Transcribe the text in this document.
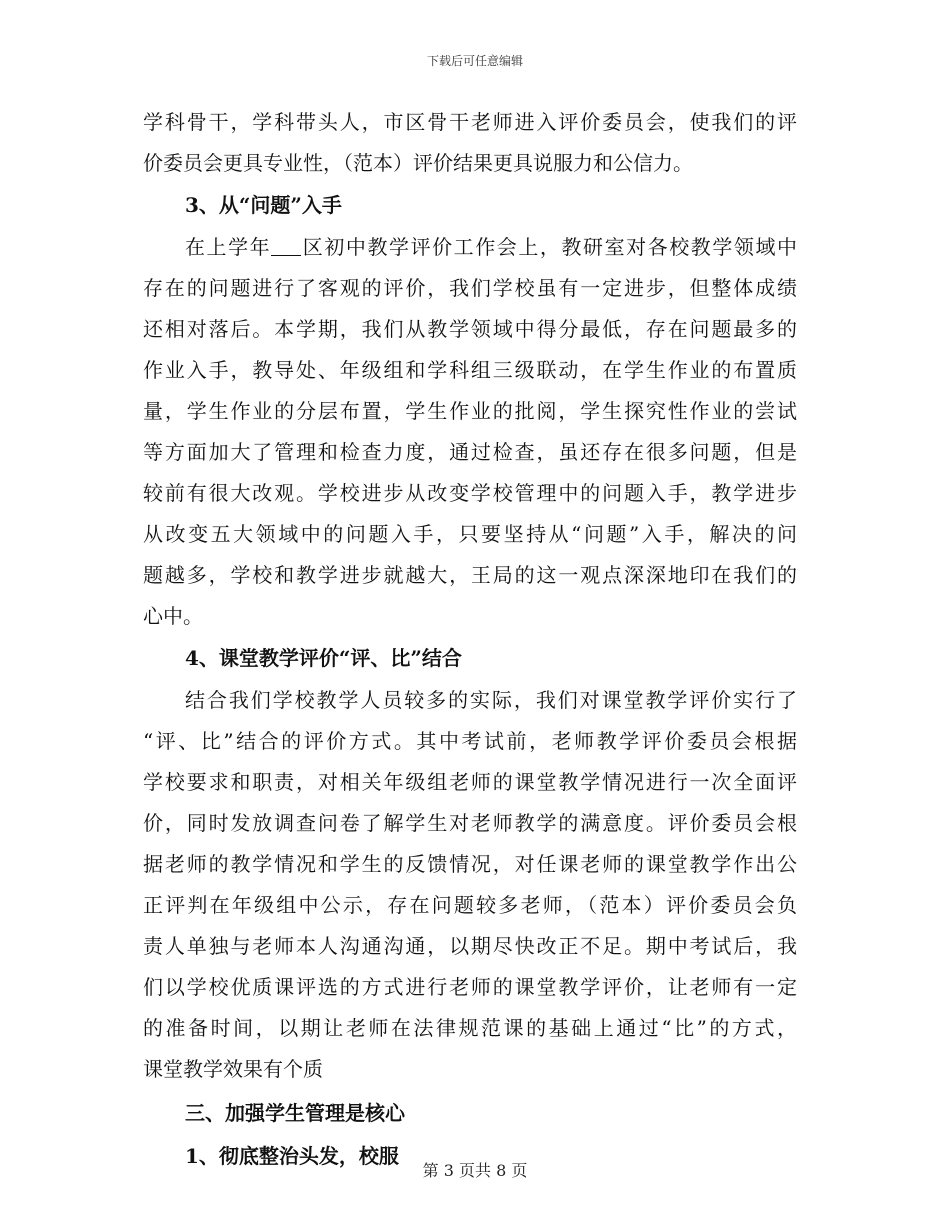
下载后可任意编辑
学科骨干，学科带头人，市区骨干老师进入评价委员会，使我们的评
价委员会更具专业性，（范本）评价结果更具说服力和公信力。
3、从“问题”入手
在上学年 区初中教学评价工作会上，教研室对各校教学领域中
存在的问题进行了客观的评价，我们学校虽有一定进步，但整体成绩
还相对落后。本学期，我们从教学领域中得分最低，存在问题最多的
作业入手，教导处、年级组和学科组三级联动，在学生作业的布置质
量，学生作业的分层布置，学生作业的批阅，学生探究性作业的尝试
等方面加大了管理和检查力度，通过检查，虽还存在很多问题，但是
较前有很大改观。学校进步从改变学校管理中的问题入手，教学进步
从改变五大领域中的问题入手，只要坚持从“问题”入手，解决的问
题越多，学校和教学进步就越大，王局的这一观点深深地印在我们的
心中。
4、课堂教学评价“评、比”结合
结合我们学校教学人员较多的实际，我们对课堂教学评价实行了
“评、比”结合的评价方式。其中考试前，老师教学评价委员会根据
学校要求和职责，对相关年级组老师的课堂教学情况进行一次全面评
价，同时发放调查问卷了解学生对老师教学的满意度。评价委员会根
据老师的教学情况和学生的反馈情况，对任课老师的课堂教学作出公
正评判在年级组中公示，存在问题较多老师，（范本）评价委员会负
责人单独与老师本人沟通沟通，以期尽快改正不足。期中考试后，我
们以学校优质课评选的方式进行老师的课堂教学评价，让老师有一定
的准备时间，以期让老师在法律规范课的基础上通过“比”的方式，
课堂教学效果有个质
三、加强学生管理是核心
1、彻底整治头发，校服
第 3 页共 8 页
